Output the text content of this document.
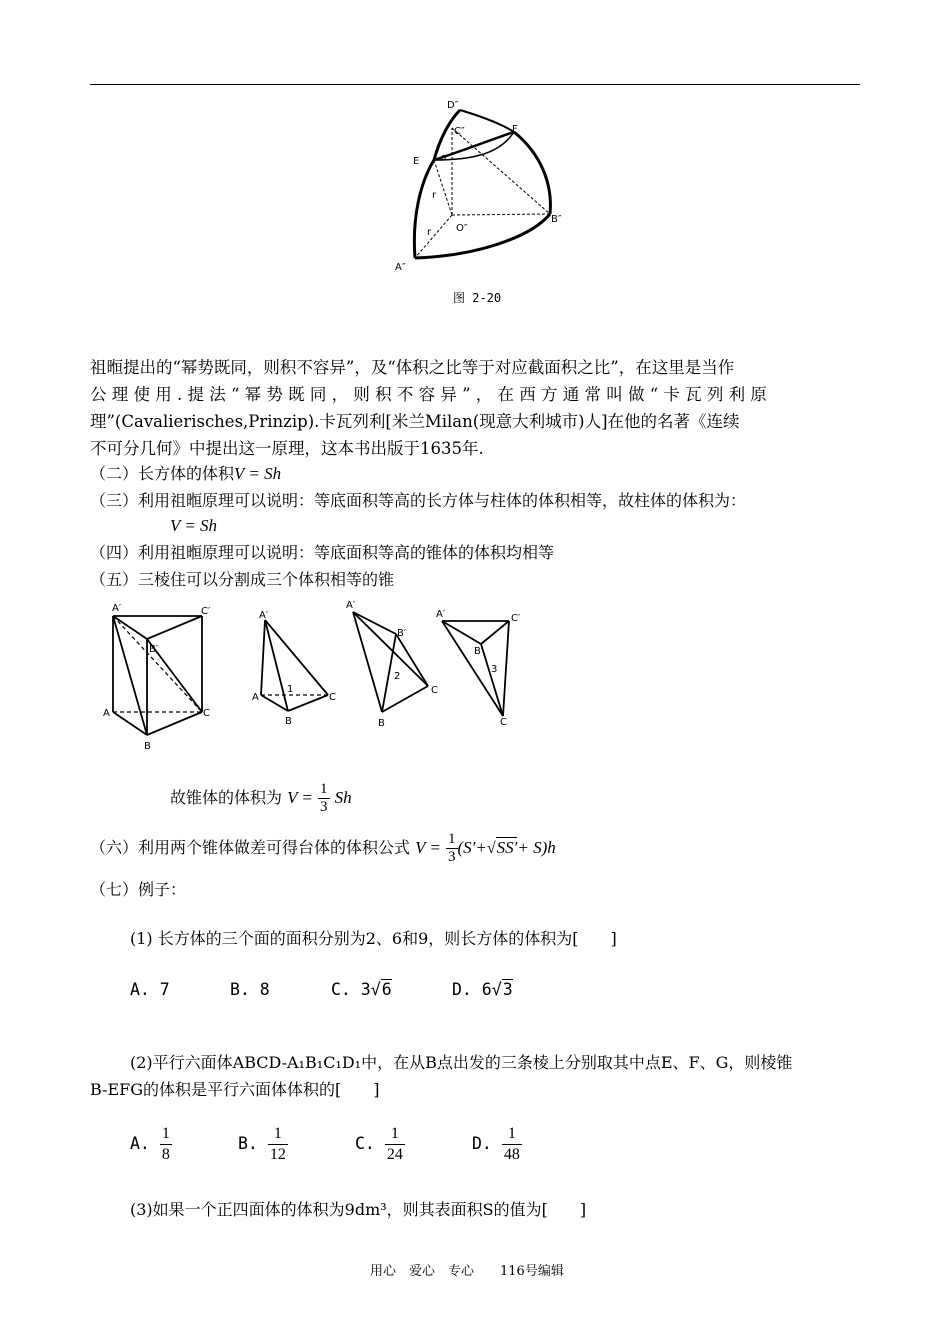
D″
C″	F
E a
r
O″
r
B″
A″
图 2-20
祖暅提出的“幂势既同，则积不容异”，及“体积之比等于对应截面积之比”，在这里是当作
公 理 使 用 . 提 法 “ 幂 势 既 同 ， 则 积 不 容 异 ” ， 在 西 方 通 常 叫 做 “ 卡 瓦 列 利 原
理”(Cavalierisches,Prinzip).卡瓦列利[米兰Milan(现意大利城市)人]在他的名著《连续
不可分几何》中提出这一原理，这本书出版于1635年.
（二）长方体的体积V = Sh
（三）利用祖暅原理可以说明：等底面积等高的长方体与柱体的体积相等，故柱体的体积为：
V = Sh
（四）利用祖暅原理可以说明：等底面积等高的锥体的体积均相等
（五）三棱住可以分割成三个体积相等的锥
A′	C′
B′
A	C
B
A′
A	C
B
1
A′
B′
C
B
2
A′	C′
B′
C
3
故锥体的体积为 $V = \frac{1}{3}$ Sh
（六）利用两个锥体做差可得台体的体积公式 $V = \frac{1}{3} (S'+√SS'+ S)h$
（七）例子：
(1) 长方体的三个面的面积分别为2、6和9，则长方体的体积为[　　]
A. 7	B. 8	C. 3√6	D. 6√3
(2)平行六面体ABCD-A₁B₁C₁D₁中，在从B点出发的三条棱上分别取其中点E、F、G，则棱锥
B-EFG的体积是平行六面体体积的[　　]
A. $\frac{1}{8}$	B. $\frac{1}{12}$	C. $\frac{1}{24}$	D. $\frac{1}{48}$
(3)如果一个正四面体的体积为9dm³，则其表面积S的值为[　　]
用心　爱心　专心　　116号编辑
